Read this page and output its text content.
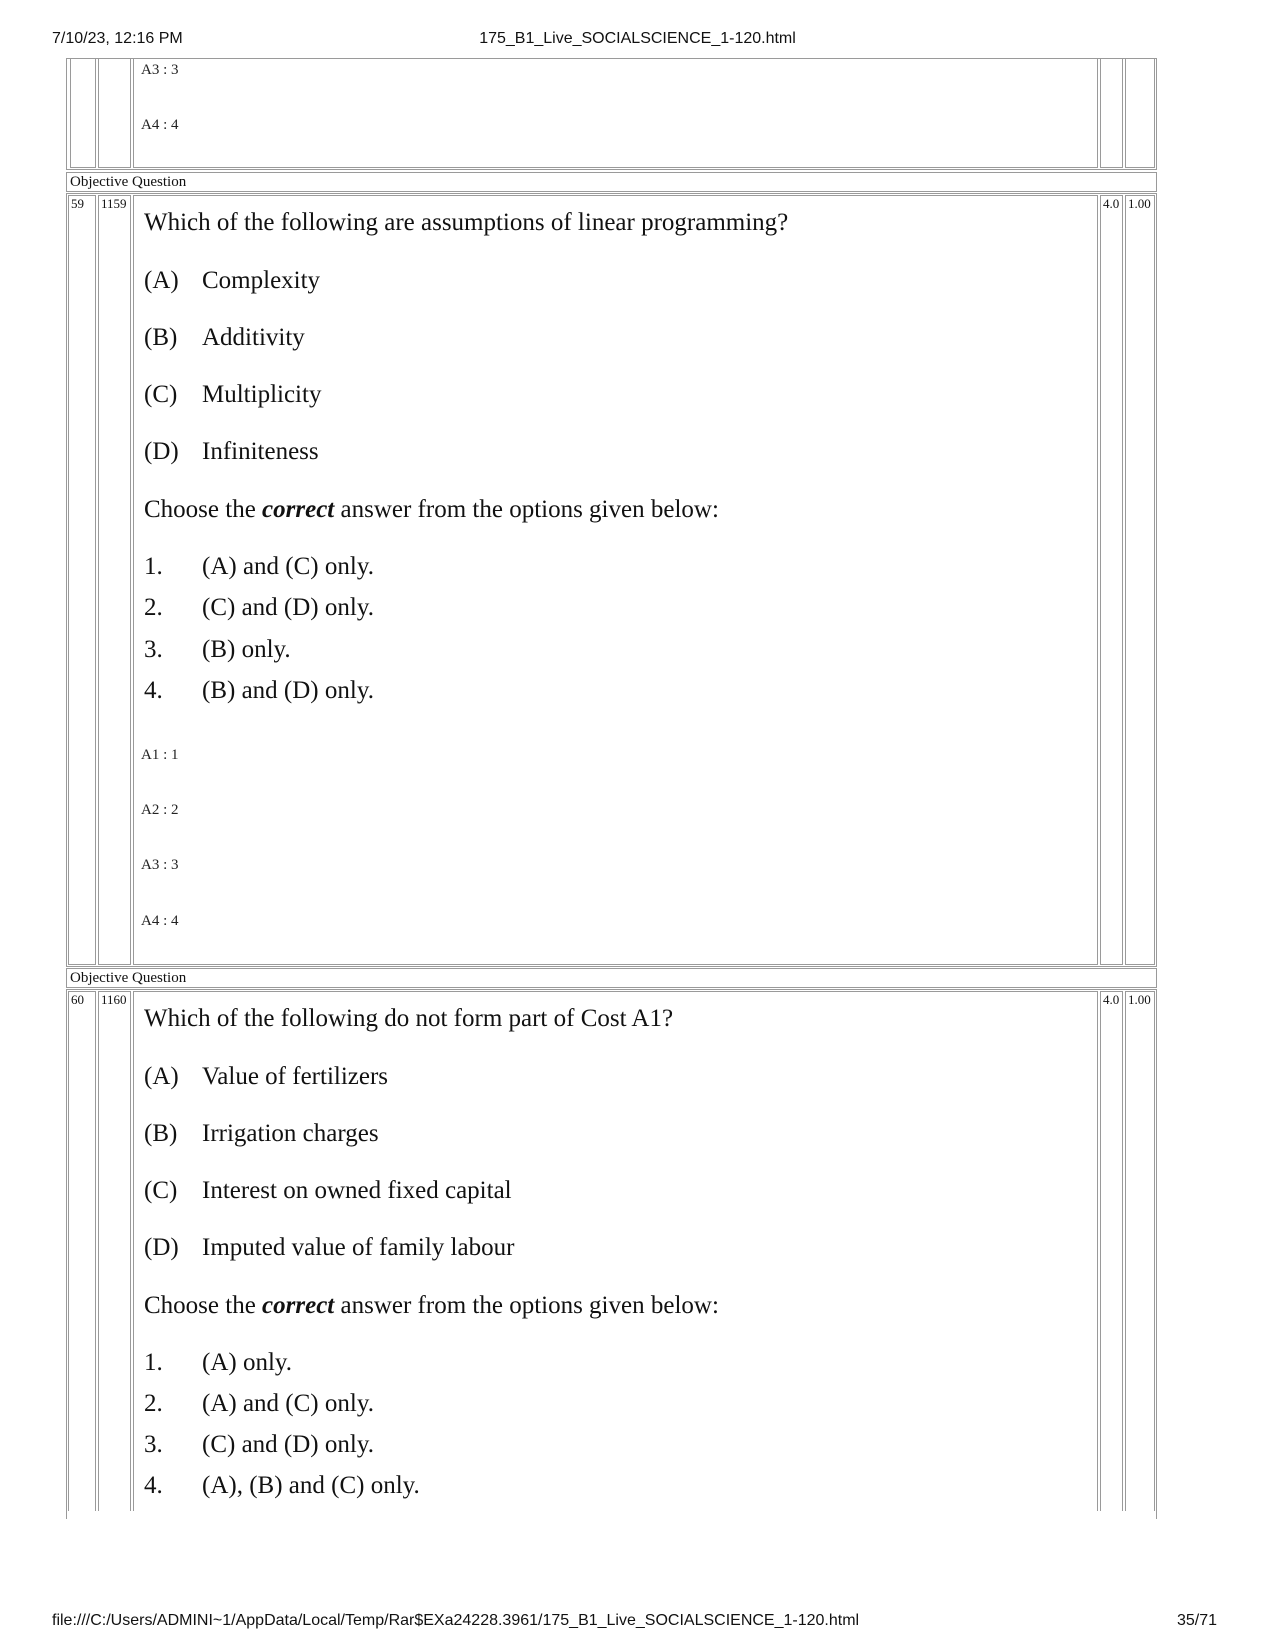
7/10/23, 12:16 PM	175_B1_Live_SOCIALSCIENCE_1-120.html
A3 : 3
A4 : 4
Objective Question
59	1159	4.0 1.00
Which of the following are assumptions of linear programming?
(A) Complexity
(B) Additivity
(C) Multiplicity
(D) Infiniteness
Choose the correct answer from the options given below:
1. (A) and (C) only.
2. (C) and (D) only.
3. (B) only.
4. (B) and (D) only.
A1 : 1
A2 : 2
A3 : 3
A4 : 4
Objective Question
60	1160	4.0 1.00
Which of the following do not form part of Cost A1?
(A) Value of fertilizers
(B) Irrigation charges
(C) Interest on owned fixed capital
(D) Imputed value of family labour
Choose the correct answer from the options given below:
1. (A) only.
2. (A) and (C) only.
3. (C) and (D) only.
4. (A), (B) and (C) only.
file:///C:/Users/ADMINI~1/AppData/Local/Temp/Rar$EXa24228.3961/175_B1_Live_SOCIALSCIENCE_1-120.html	35/71
